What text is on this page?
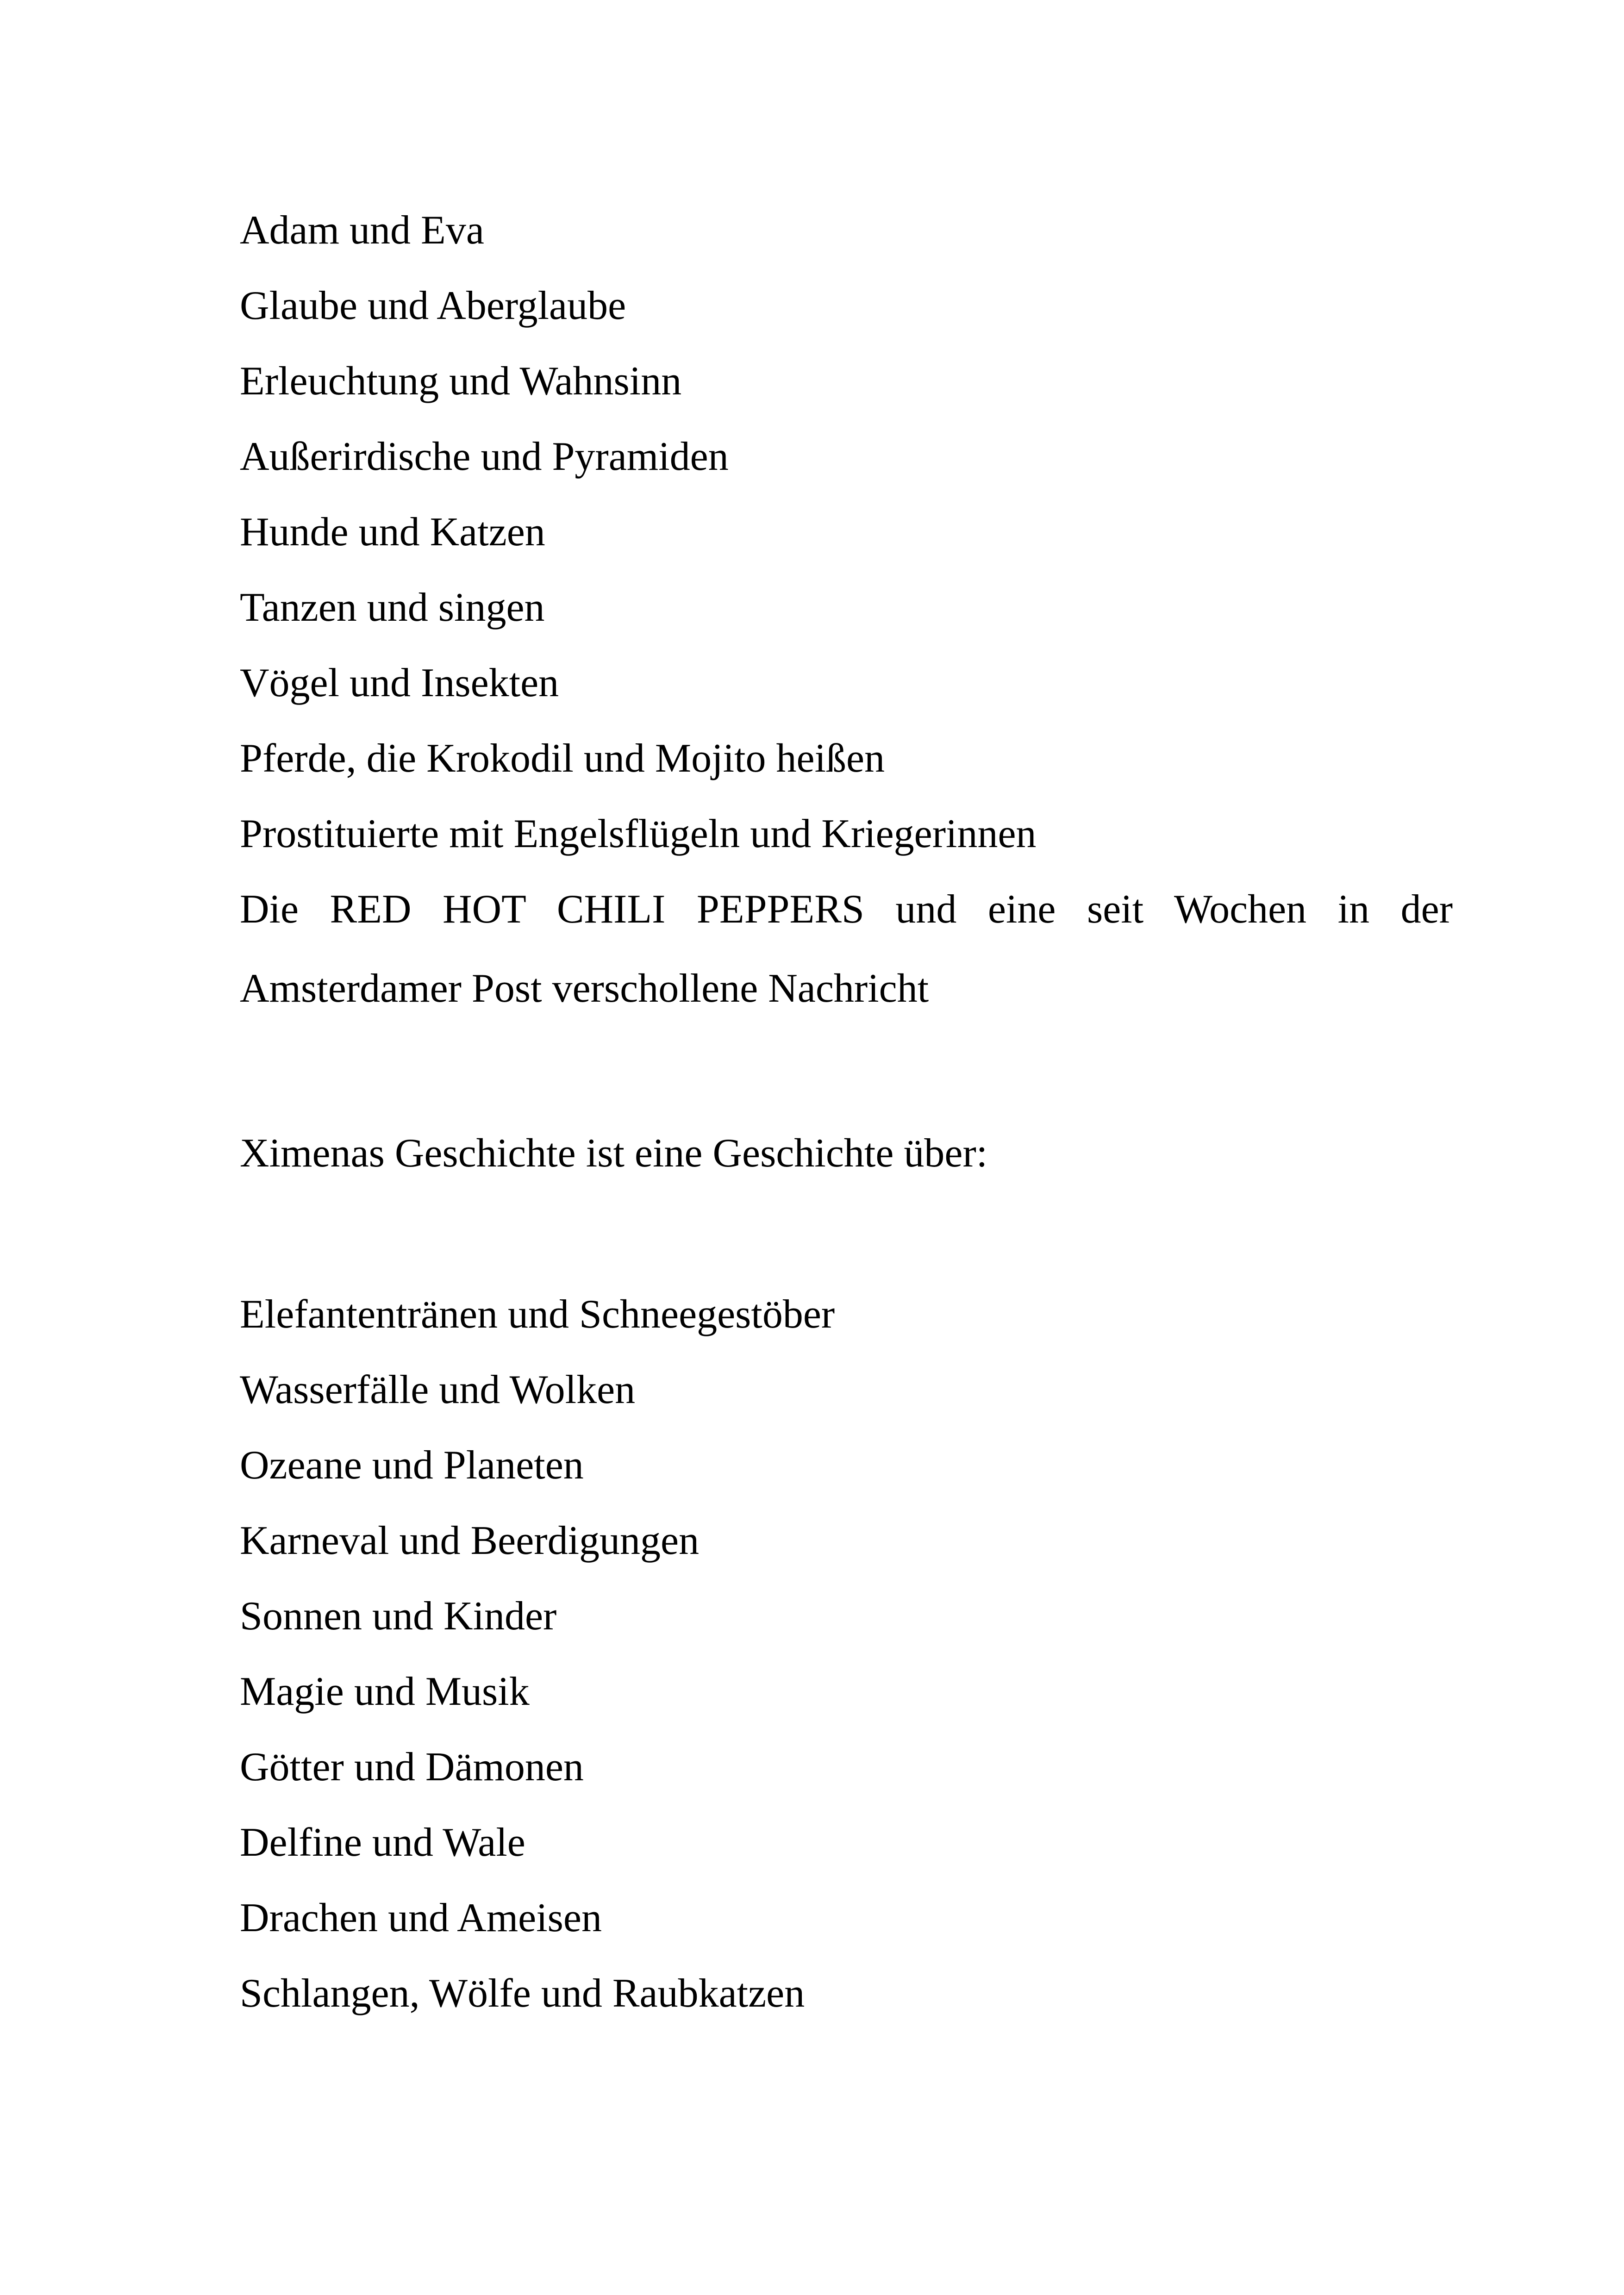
Adam und Eva
Glaube und Aberglaube
Erleuchtung und Wahnsinn
Außerirdische und Pyramiden
Hunde und Katzen
Tanzen und singen
Vögel und Insekten
Pferde, die Krokodil und Mojito heißen
Prostituierte mit Engelsflügeln und Kriegerinnen
Die RED HOT CHILI PEPPERS und eine seit Wochen in der
Amsterdamer Post verschollene Nachricht
Ximenas Geschichte ist eine Geschichte über:
Elefantentränen und Schneegestöber
Wasserfälle und Wolken
Ozeane und Planeten
Karneval und Beerdigungen
Sonnen und Kinder
Magie und Musik
Götter und Dämonen
Delfine und Wale
Drachen und Ameisen
Schlangen, Wölfe und Raubkatzen
